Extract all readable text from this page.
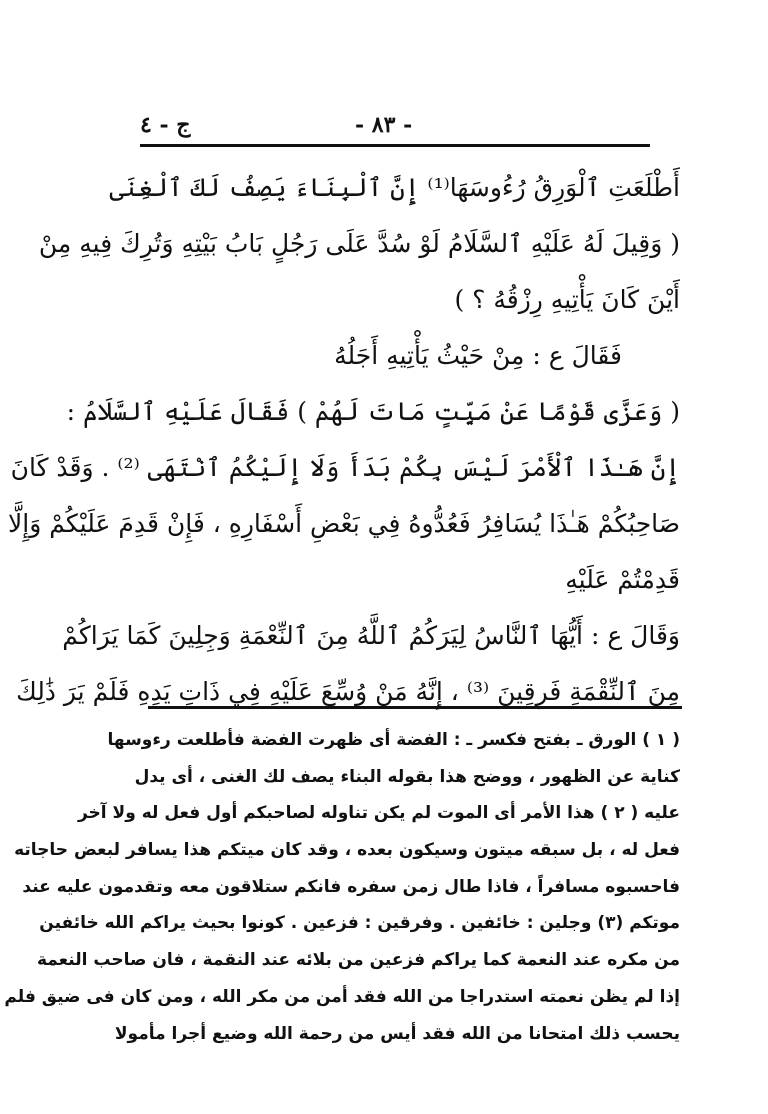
ج - ٤	- ٨٣ -
أَطْلَعَتِ ٱلْوَرِقُ رُءُوسَهَا⁽¹⁾ إِنَّ ٱلْبِنَاءَ يَصِفُ لَكَ ٱلْغِنَى
( وَقِيلَ لَهُ عَلَيْهِ ٱلسَّلَامُ لَوْ سُدَّ عَلَى رَجُلٍ بَابُ بَيْتِهِ وَتُرِكَ فِيهِ مِنْ
أَيْنَ كَانَ يَأْتِيهِ رِزْقُهُ ؟ )
فَقَالَ ع : مِنْ حَيْثُ يَأْتِيهِ أَجَلُهُ
( وَعَزَّى قَوْمًا عَنْ مَيِّتٍ مَاتَ لَهُمْ ) فَقَالَ عَلَيْهِ ٱلسَّلَامُ :
إِنَّ هَـٰذَا ٱلْأَمْرَ لَيْسَ بِكُمْ بَدَأَ وَلَا إِلَيْكُمُ ٱنْتَهَى ⁽²⁾ . وَقَدْ كَانَ
صَاحِبُكُمْ هَـٰذَا يُسَافِرُ فَعُدُّوهُ فِي بَعْضِ أَسْفَارِهِ ، فَإِنْ قَدِمَ عَلَيْكُمْ وَإِلَّا
قَدِمْتُمْ عَلَيْهِ
وَقَالَ ع : أَيُّهَا ٱلنَّاسُ لِيَرَكُمُ ٱللَّهُ مِنَ ٱلنِّعْمَةِ وَجِلِينَ كَمَا يَرَاكُمْ
مِنَ ٱلنِّقْمَةِ فَرِقِينَ ⁽³⁾ ، إِنَّهُ مَنْ وُسِّعَ عَلَيْهِ فِي ذَاتِ يَدِهِ فَلَمْ يَرَ ذَٰلِكَ
( ١ ) الورق ـ بفتح فكسر ـ : الفضة أى ظهرت الفضة فأطلعت رءوسها
كناية عن الظهور ، ووضح هذا بقوله البناء يصف لك الغنى ، أى يدل
عليه ( ٢ ) هذا الأمر أى الموت لم يكن تناوله لصاحبكم أول فعل له ولا آخر
فعل له ، بل سبقه ميتون وسيكون بعده ، وقد كان ميتكم هذا يسافر لبعض حاجاته
فاحسبوه مسافراً ، فاذا طال زمن سفره فانكم ستلاقون معه وتقدمون عليه عند
موتكم (٣) وجلين : خائفين . وفرقين : فزعين . كونوا بحيث يراكم الله خائفين
من مكره عند النعمة كما يراكم فزعين من بلائه عند النقمة ، فان صاحب النعمة
إذا لم يظن نعمته استدراجا من الله فقد أمن من مكر الله ، ومن كان فى ضيق فلم
يحسب ذلك امتحانا من الله فقد أيس من رحمة الله وضيع أجرا مأمولا
